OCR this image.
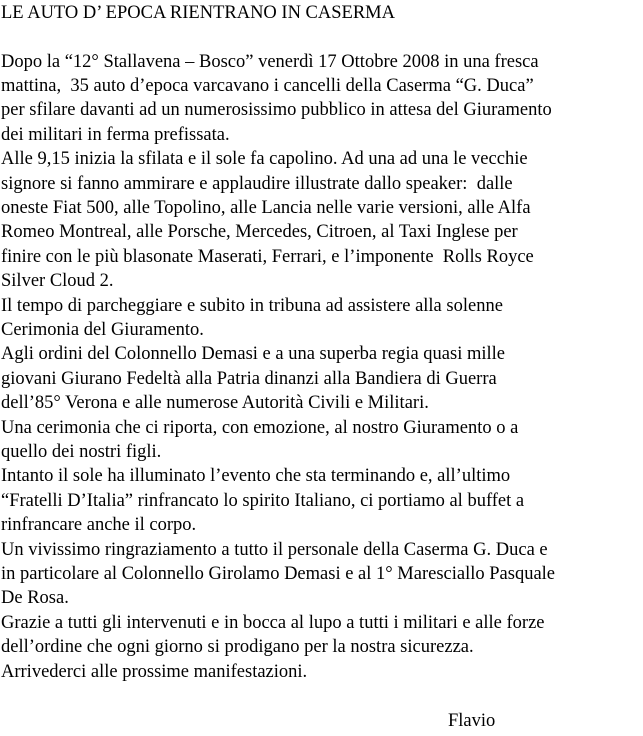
LE AUTO D’ EPOCA RIENTRANO IN CASERMA
Dopo la “12° Stallavena – Bosco” venerdì 17 Ottobre 2008 in una fresca
mattina,  35 auto d’epoca varcavano i cancelli della Caserma “G. Duca”
per sfilare davanti ad un numerosissimo pubblico in attesa del Giuramento
dei militari in ferma prefissata.
Alle 9,15 inizia la sfilata e il sole fa capolino. Ad una ad una le vecchie
signore si fanno ammirare e applaudire illustrate dallo speaker:  dalle
oneste Fiat 500, alle Topolino, alle Lancia nelle varie versioni, alle Alfa
Romeo Montreal, alle Porsche, Mercedes, Citroen, al Taxi Inglese per
finire con le più blasonate Maserati, Ferrari, e l’imponente  Rolls Royce
Silver Cloud 2.
Il tempo di parcheggiare e subito in tribuna ad assistere alla solenne
Cerimonia del Giuramento.
Agli ordini del Colonnello Demasi e a una superba regia quasi mille
giovani Giurano Fedeltà alla Patria dinanzi alla Bandiera di Guerra
dell’85° Verona e alle numerose Autorità Civili e Militari.
Una cerimonia che ci riporta, con emozione, al nostro Giuramento o a
quello dei nostri figli.
Intanto il sole ha illuminato l’evento che sta terminando e, all’ultimo
“Fratelli D’Italia” rinfrancato lo spirito Italiano, ci portiamo al buffet a
rinfrancare anche il corpo.
Un vivissimo ringraziamento a tutto il personale della Caserma G. Duca e
in particolare al Colonnello Girolamo Demasi e al 1° Maresciallo Pasquale
De Rosa.
Grazie a tutti gli intervenuti e in bocca al lupo a tutti i militari e alle forze
dell’ordine che ogni giorno si prodigano per la nostra sicurezza.
Arrivederci alle prossime manifestazioni.
Flavio
